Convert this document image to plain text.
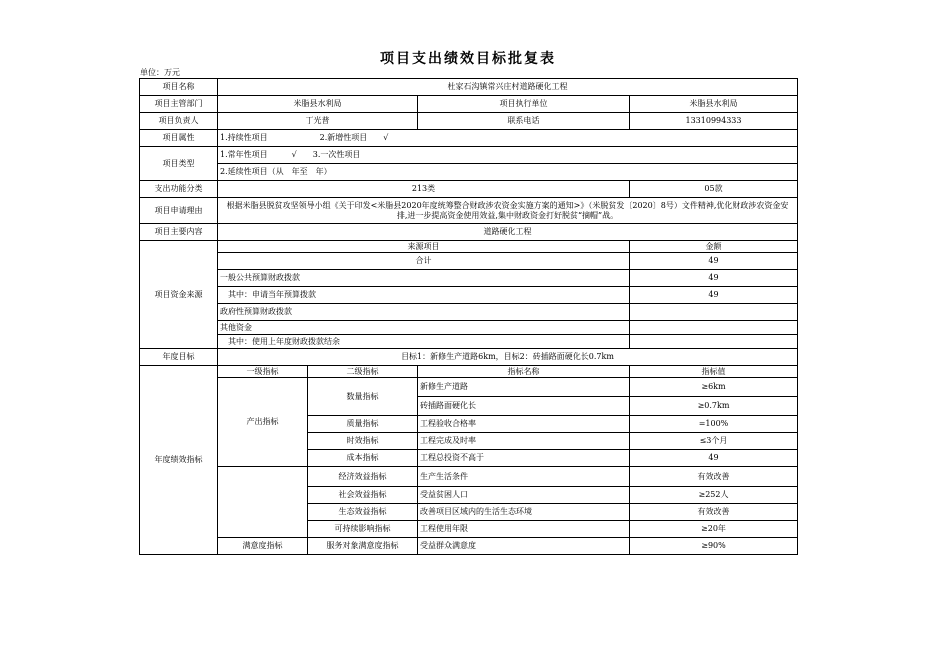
项目支出绩效目标批复表
单位：万元
项目名称	杜家石沟镇常兴庄村道路硬化工程			
项目主管部门	米脂县水利局		项目执行单位	米脂县水利局
项目负责人	丁光普		联系电话	13310994333
项目属性	1.持续性项目 2.新增性项目　　√			
项目类型	1.常年性项目　　　√　　3.一次性项目			
	2.延续性项目（从　年至　年）			
支出功能分类	213类			05款
项目申请理由	根据米脂县脱贫攻坚领导小组《关于印发<米脂县2020年度统筹整合财政涉农资金实施方案的通知>》（米脱贫发〔2020〕8号）文件精神,优化财政涉农资金安排,进一步提高资金使用效益,集中财政资金打好脱贫“摘帽”战。			
项目主要内容	道路硬化工程			
项目资金来源	来源项目			金额
	合计			49
	一般公共预算财政拨款			49
	　其中：申请当年预算拨款			49
	政府性预算财政拨款			
	其他资金			
	　其中：使用上年度财政拨款结余			
年度目标	目标1：新修生产道路6km，目标2：砖插路面硬化长0.7km			
年度绩效指标	一级指标	二级指标	指标名称	指标值
	产出指标	数量指标	新修生产道路	≥6km
			砖插路面硬化长	≥0.7km
		质量指标	工程验收合格率	=100%
		时效指标	工程完成及时率	≤3个月
		成本指标	工程总投资不高于	49
		经济效益指标	生产生活条件	有效改善
		社会效益指标	受益贫困人口	≥252人
		生态效益指标	改善项目区域内的生活生态环境	有效改善
		可持续影响指标	工程使用年限	≥20年
	满意度指标	服务对象满意度指标	受益群众满意度	≥90%
